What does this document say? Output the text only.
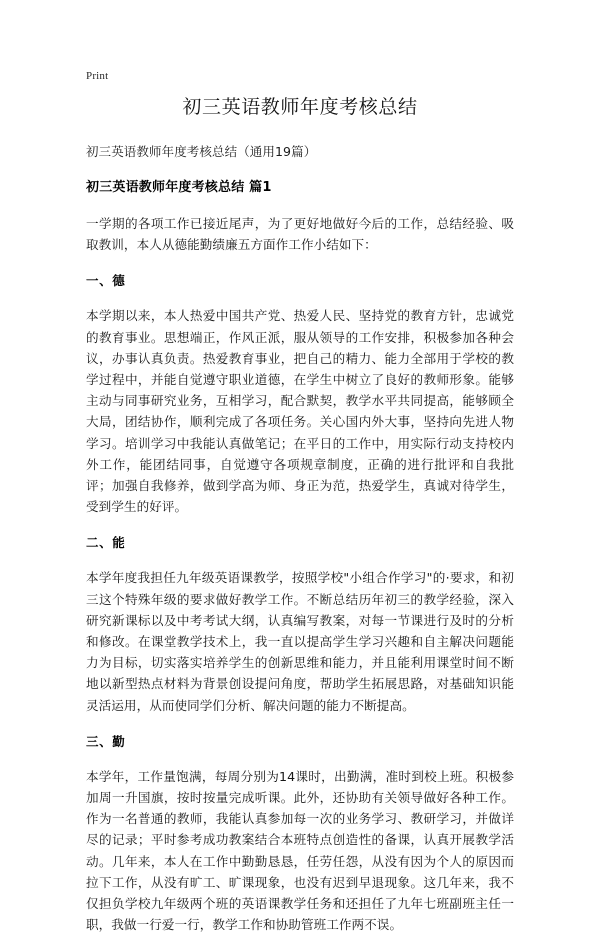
Print
初三英语教师年度考核总结

初三英语教师年度考核总结（通用19篇）

初三英语教师年度考核总结 篇1

一学期的各项工作已接近尾声，为了更好地做好今后的工作，总结经验、吸取教训，本人从德能勤绩廉五方面作工作小结如下：

一、德

本学期以来，本人热爱中国共产党、热爱人民、坚持党的教育方针，忠诚党的教育事业。思想端正，作风正派，服从领导的工作安排，积极参加各种会议，办事认真负责。热爱教育事业，把自己的精力、能力全部用于学校的教学过程中，并能自觉遵守职业道德，在学生中树立了良好的教师形象。能够主动与同事研究业务，互相学习，配合默契，教学水平共同提高，能够顾全大局，团结协作，顺利完成了各项任务。关心国内外大事，坚持向先进人物学习。培训学习中我能认真做笔记；在平日的工作中，用实际行动支持校内外工作，能团结同事，自觉遵守各项规章制度，正确的进行批评和自我批评；加强自我修养，做到学高为师、身正为范，热爱学生，真诚对待学生，受到学生的好评。

二、能

本学年度我担任九年级英语课教学，按照学校"小组合作学习"的·要求，和初三这个特殊年级的要求做好教学工作。不断总结历年初三的教学经验，深入研究新课标以及中考考试大纲，认真编写教案，对每一节课进行及时的分析和修改。在课堂教学技术上，我一直以提高学生学习兴趣和自主解决问题能力为目标，切实落实培养学生的创新思维和能力，并且能利用课堂时间不断地以新型热点材料为背景创设提问角度，帮助学生拓展思路，对基础知识能灵活运用，从而使同学们分析、解决问题的能力不断提高。

三、勤

本学年，工作量饱满，每周分别为14课时，出勤满，准时到校上班。积极参加周一升国旗，按时按量完成听课。此外，还协助有关领导做好各种工作。作为一名普通的教师，我能认真参加每一次的业务学习、教研学习，并做详尽的记录；平时参考成功教案结合本班特点创造性的备课，认真开展教学活动。几年来，本人在工作中勤勤恳恳，任劳任怨，从没有因为个人的原因而拉下工作，从没有旷工、旷课现象，也没有迟到早退现象。这几年来，我不仅担负学校九年级两个班的英语课教学任务和还担任了九年七班副班主任一职，我做一行爱一行，教学工作和协助管班工作两不误。
